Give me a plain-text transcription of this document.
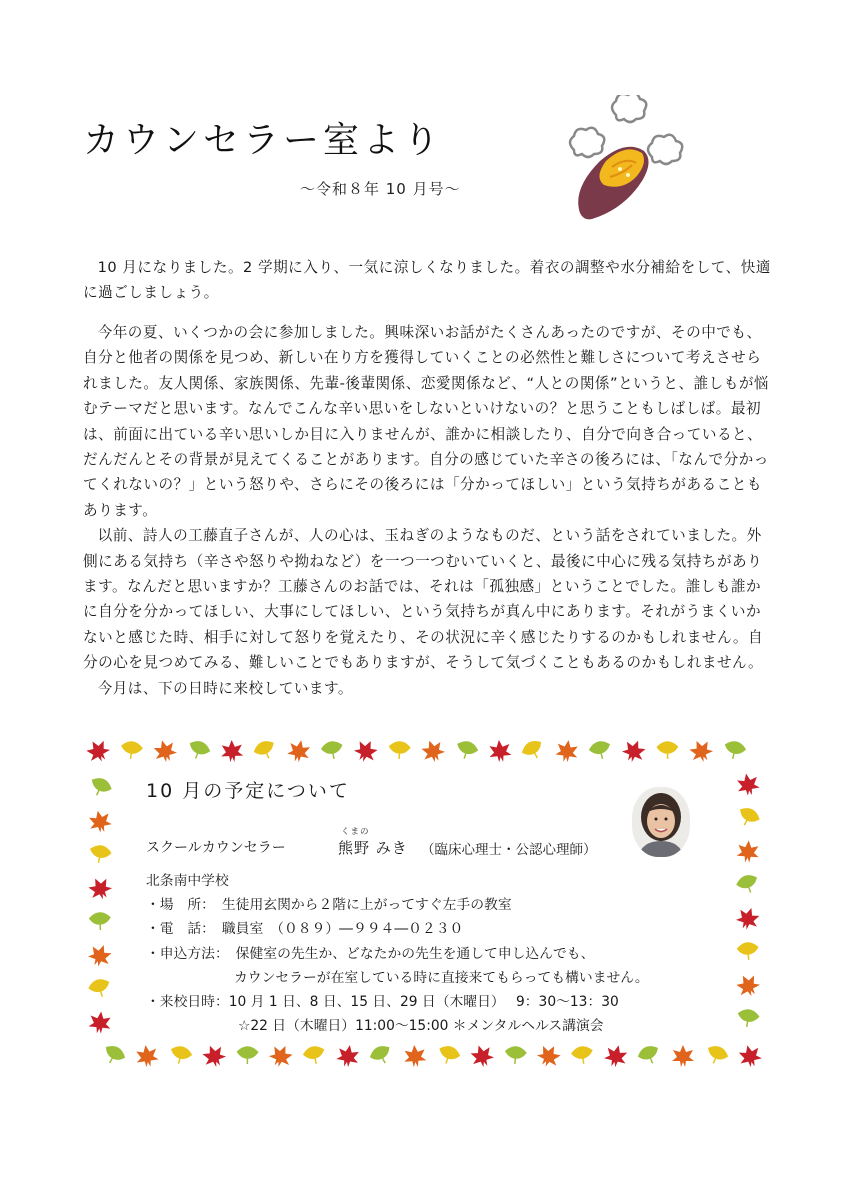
カウンセラー室より
～令和８年 10 月号～

10 月になりました。2 学期に入り、一気に涼しくなりました。着衣の調整や水分補給をして、快適に過ごしましょう。

今年の夏、いくつかの会に参加しました。興味深いお話がたくさんあったのですが、その中でも、自分と他者の関係を見つめ、新しい在り方を獲得していくことの必然性と難しさについて考えさせられました。友人関係、家族関係、先輩-後輩関係、恋愛関係など、“人との関係”というと、誰しもが悩むテーマだと思います。なんでこんな辛い思いをしないといけないの？と思うこともしばしば。最初は、前面に出ている辛い思いしか目に入りませんが、誰かに相談したり、自分で向き合っていると、だんだんとその背景が見えてくることがあります。自分の感じていた辛さの後ろには、「なんで分かってくれないの？」という怒りや、さらにその後ろには「分かってほしい」という気持ちがあることもあります。

以前、詩人の工藤直子さんが、人の心は、玉ねぎのようなものだ、という話をされていました。外側にある気持ち（辛さや怒りや拗ねなど）を一つ一つむいていくと、最後に中心に残る気持ちがあります。なんだと思いますか？工藤さんのお話では、それは「孤独感」ということでした。誰しも誰かに自分を分かってほしい、大事にしてほしい、という気持ちが真ん中にあります。それがうまくいかないと感じた時、相手に対して怒りを覚えたり、その状況に辛く感じたりするのかもしれません。自分の心を見つめてみる、難しいことでもありますが、そうして気づくこともあるのかもしれません。

今月は、下の日時に来校しています。

10 月の予定について
スクールカウンセラー
くまの
熊野 みき （臨床心理士・公認心理師）
北条南中学校
・場　所：　生徒用玄関から２階に上がってすぐ左手の教室
・電　話：　職員室　（０８９）―９９４―０２３０
・申込方法：　保健室の先生か、どなたかの先生を通して申し込んでも、
カウンセラーが在室している時に直接来てもらっても構いません。
・来校日時：10 月 1 日、8 日、15 日、29 日（木曜日）　 9：30～13：30
☆22 日（木曜日）11:00～15:00 ＊メンタルヘルス講演会
